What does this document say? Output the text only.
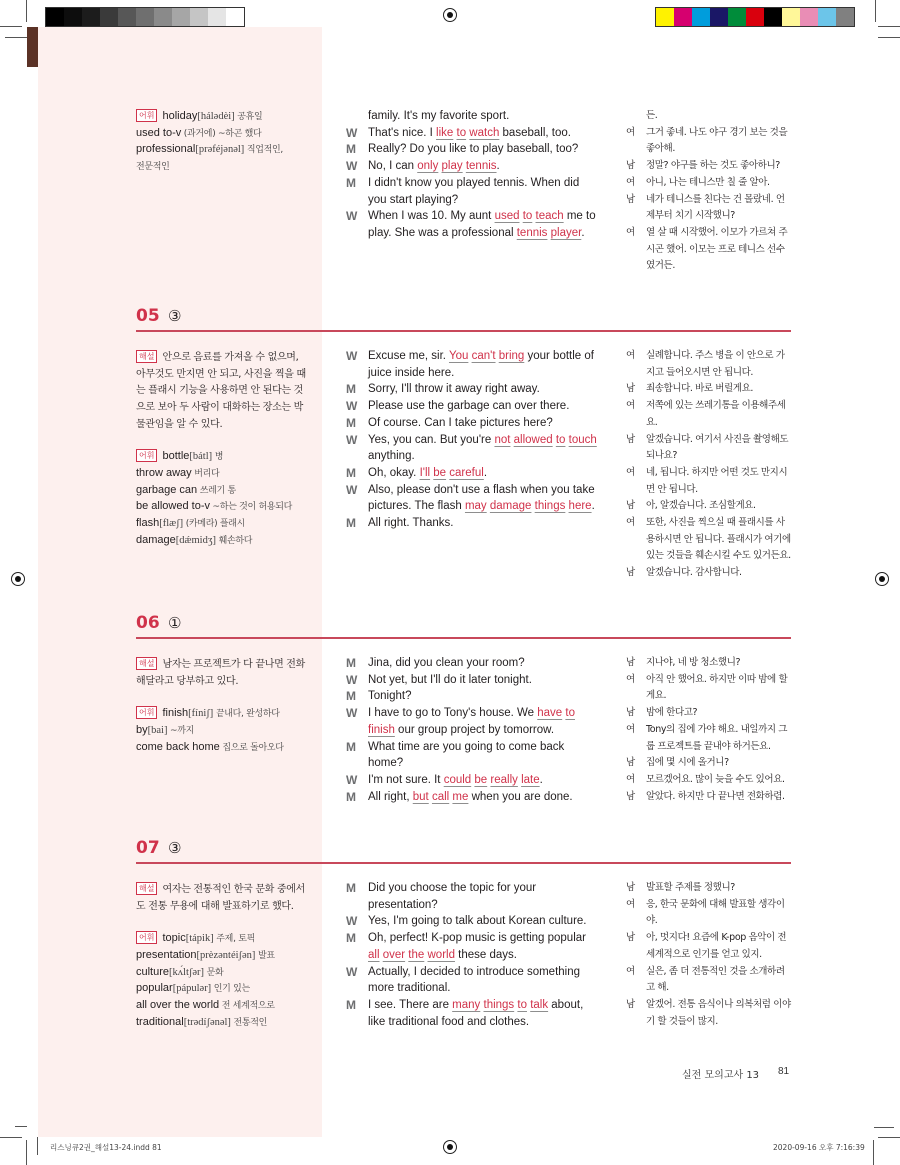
어휘 holiday[hálədèi] 공휴일
used to-v (과거에) ~하곤 했다
professional[prəféjənəl] 직업적인,
전문적인
family. It's my favorite sport.
W That's nice. I like to watch baseball, too.
M Really? Do you like to play baseball, too?
W No, I can only play tennis.
M I didn't know you played tennis. When did
you start playing?
W When I was 10. My aunt used to teach me to
play. She was a professional tennis player.
든.
여 그거 좋네. 나도 야구 경기 보는 것을
좋아해.
남 정말? 야구를 하는 것도 좋아하니?
여 아니, 나는 테니스만 칠 줄 알아.
남 네가 테니스를 친다는 건 몰랐네. 언
제부터 치기 시작했니?
여 열 살 때 시작했어. 이모가 가르쳐 주
시곤 했어. 이모는 프로 테니스 선수
였거든.
05 ③
해설 안으로 음료를 가져올 수 없으며,
아무것도 만지면 안 되고, 사진을 찍을 때
는 플래시 기능을 사용하면 안 된다는 것
으로 보아 두 사람이 대화하는 장소는 박
물관임을 알 수 있다.
어휘 bottle[bátl] 병
throw away 버리다
garbage can 쓰레기 통
be allowed to-v ~하는 것이 허용되다
flash[flæʃ] (카메라) 플래시
damage[dǽmidʒ] 훼손하다
W Excuse me, sir. You can't bring your bottle of
juice inside here.
M Sorry, I'll throw it away right away.
W Please use the garbage can over there.
M Of course. Can I take pictures here?
W Yes, you can. But you're not allowed to touch
anything.
M Oh, okay. I'll be careful.
W Also, please don't use a flash when you take
pictures. The flash may damage things here.
M All right. Thanks.
여 실례합니다. 주스 병을 이 안으로 가
지고 들어오시면 안 됩니다.
남 죄송합니다. 바로 버릴게요.
여 저쪽에 있는 쓰레기통을 이용해주세
요.
남 알겠습니다. 여기서 사진을 촬영해도
되나요?
여 네, 됩니다. 하지만 어떤 것도 만지시
면 안 됩니다.
남 아, 알겠습니다. 조심할게요.
여 또한, 사진을 찍으실 때 플래시를 사
용하시면 안 됩니다. 플래시가 여기에
있는 것들을 훼손시킬 수도 있거든요.
남 알겠습니다. 감사합니다.
06 ①
해설 남자는 프로젝트가 다 끝나면 전화
해달라고 당부하고 있다.
어휘 finish[fíniʃ] 끝내다, 완성하다
by[bai] ~까지
come back home 집으로 돌아오다
M Jina, did you clean your room?
W Not yet, but I'll do it later tonight.
M Tonight?
W I have to go to Tony's house. We have to
finish our group project by tomorrow.
M What time are you going to come back
home?
W I'm not sure. It could be really late.
M All right, but call me when you are done.
남 지나야, 네 방 청소했니?
여 아직 안 했어요. 하지만 이따 밤에 할
게요.
남 밤에 한다고?
여 Tony의 집에 가야 해요. 내일까지 그
룹 프로젝트를 끝내야 하거든요.
남 집에 몇 시에 올거니?
여 모르겠어요. 많이 늦을 수도 있어요.
남 알았다. 하지만 다 끝나면 전화하렴.
07 ③
해설 여자는 전통적인 한국 문화 중에서
도 전통 무용에 대해 발표하기로 했다.
어휘 topic[tápik] 주제, 토픽
presentation[prèzəntéiʃən] 발표
culture[kʌ́ltʃər] 문화
popular[pápulər] 인기 있는
all over the world 전 세계적으로
traditional[trədíʃənəl] 전통적인
M Did you choose the topic for your
presentation?
W Yes, I'm going to talk about Korean culture.
M Oh, perfect! K-pop music is getting popular
all over the world these days.
W Actually, I decided to introduce something
more traditional.
M I see. There are many things to talk about,
like traditional food and clothes.
남 발표할 주제를 정했니?
여 응, 한국 문화에 대해 발표할 생각이
야.
남 아, 멋지다! 요즘에 K-pop 음악이 전
세계적으로 인기를 얻고 있지.
여 실은, 좀 더 전통적인 것을 소개하려
고 해.
남 알겠어. 전통 음식이나 의복처럼 이야
기 할 것들이 많지.
실전 모의고사 13 81
리스닝큐2권_해설13-24.indd 81	2020-09-16 오후 7:16:39
